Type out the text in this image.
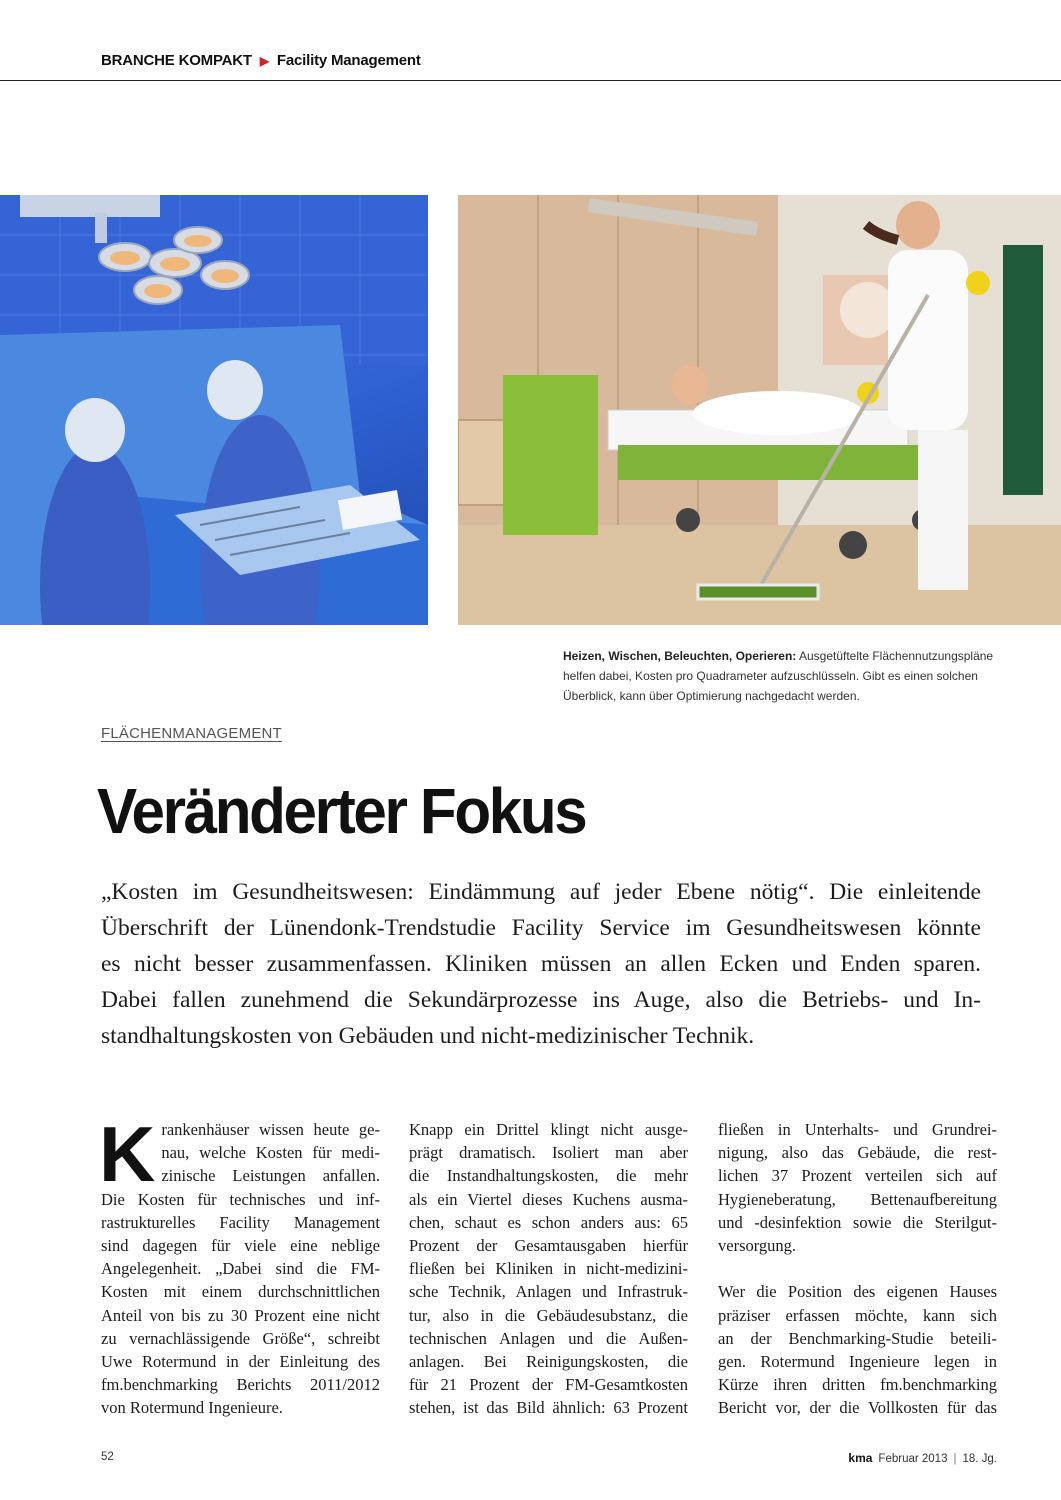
BRANCHE KOMPAKT ▶ Facility Management
Heizen, Wischen, Beleuchten, Operieren: Ausgetüftelte Flächennutzungspläne helfen dabei, Kosten pro Quadrameter aufzuschlüsseln. Gibt es einen solchen Überblick, kann über Optimierung nachgedacht werden.
FLÄCHENMANAGEMENT
Veränderter Fokus
„Kosten im Gesundheitswesen: Eindämmung auf jeder Ebene nötig“. Die einleitende
Überschrift der Lünendonk-Trendstudie Facility Service im Gesundheitswesen könnte
es nicht besser zusammenfassen. Kliniken müssen an allen Ecken und Enden sparen.
Dabei fallen zunehmend die Sekundärprozesse ins Auge, also die Betriebs- und In-
standhaltungskosten von Gebäuden und nicht-medizinischer Technik.
K rankenhäuser wissen heute ge-
nau, welche Kosten für medi-
zinische Leistungen anfallen.
Die Kosten für technisches und inf-
rastrukturelles Facility Management
sind dagegen für viele eine neblige
Angelegenheit. „Dabei sind die FM-
Kosten mit einem durchschnittlichen
Anteil von bis zu 30 Prozent eine nicht
zu vernachlässigende Größe“, schreibt
Uwe Rotermund in der Einleitung des
fm.benchmarking Berichts 2011/2012
von Rotermund Ingenieure.
Knapp ein Drittel klingt nicht ausge-
prägt dramatisch. Isoliert man aber
die Instandhaltungskosten, die mehr
als ein Viertel dieses Kuchens ausma-
chen, schaut es schon anders aus: 65
Prozent der Gesamtausgaben hierfür
fließen bei Kliniken in nicht-medizini-
sche Technik, Anlagen und Infrastruk-
tur, also in die Gebäudesubstanz, die
technischen Anlagen und die Außen-
anlagen. Bei Reinigungskosten, die
für 21 Prozent der FM-Gesamtkosten
stehen, ist das Bild ähnlich: 63 Prozent
fließen in Unterhalts- und Grundrei-
nigung, also das Gebäude, die rest-
lichen 37 Prozent verteilen sich auf
Hygieneberatung, Bettenaufbereitung
und -desinfektion sowie die Sterilgut-
versorgung.
Wer die Position des eigenen Hauses
präziser erfassen möchte, kann sich
an der Benchmarking-Studie beteili-
gen. Rotermund Ingenieure legen in
Kürze ihren dritten fm.benchmarking
Bericht vor, der die Vollkosten für das
52	kma Februar 2013 | 18. Jg.
